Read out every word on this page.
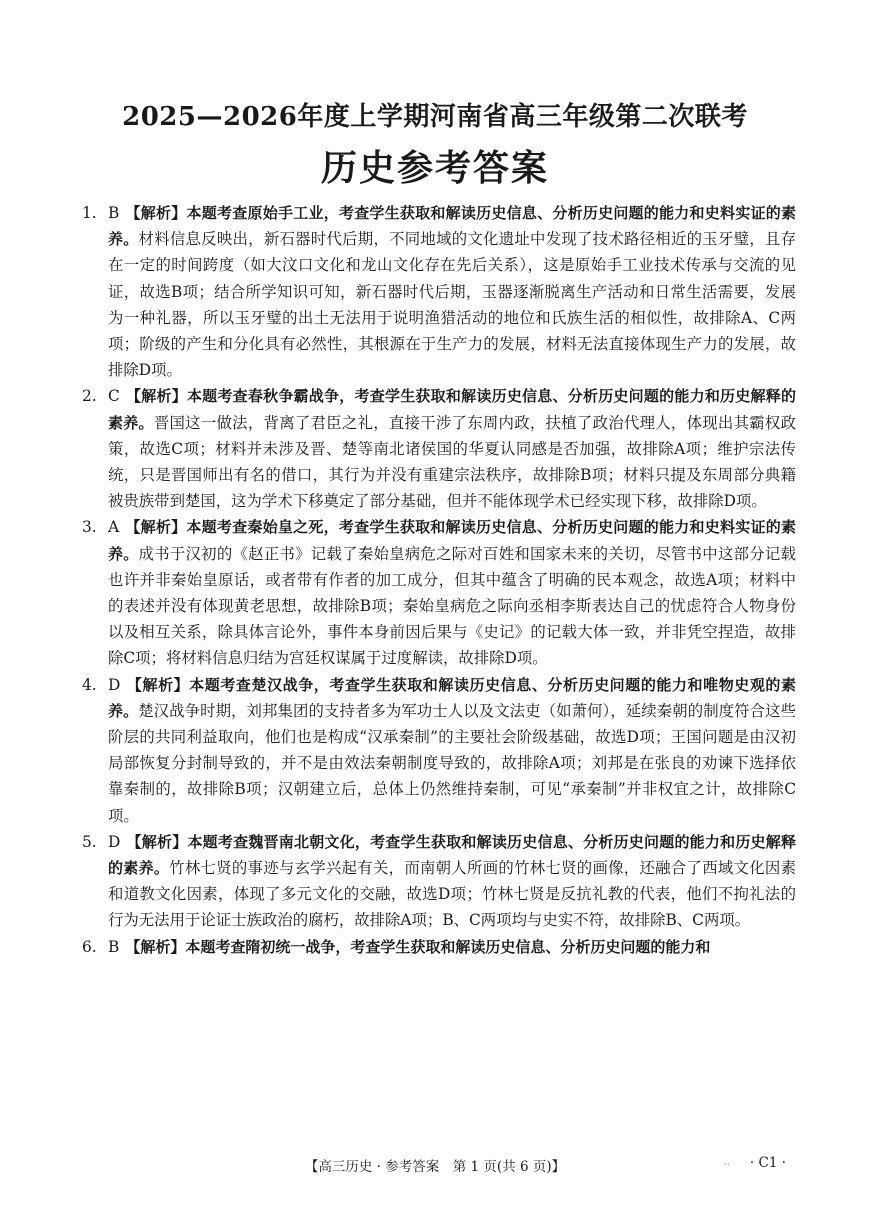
2025—2026年度上学期河南省高三年级第二次联考
历史参考答案
1. B 【解析】本题考查原始手工业，考查学生获取和解读历史信息、分析历史问题的能力和史料实证的素养。材料信息反映出，新石器时代后期，不同地域的文化遗址中发现了技术路径相近的玉牙璧，且存在一定的时间跨度（如大汶口文化和龙山文化存在先后关系），这是原始手工业技术传承与交流的见证，故选B项；结合所学知识可知，新石器时代后期，玉器逐渐脱离生产活动和日常生活需要，发展为一种礼器，所以玉牙璧的出土无法用于说明渔猎活动的地位和氏族生活的相似性，故排除A、C两项；阶级的产生和分化具有必然性，其根源在于生产力的发展，材料无法直接体现生产力的发展，故排除D项。
2. C 【解析】本题考查春秋争霸战争，考查学生获取和解读历史信息、分析历史问题的能力和历史解释的素养。晋国这一做法，背离了君臣之礼，直接干涉了东周内政，扶植了政治代理人，体现出其霸权政策，故选C项；材料并未涉及晋、楚等南北诸侯国的华夏认同感是否加强，故排除A项；维护宗法传统，只是晋国师出有名的借口，其行为并没有重建宗法秩序，故排除B项；材料只提及东周部分典籍被贵族带到楚国，这为学术下移奠定了部分基础，但并不能体现学术已经实现下移，故排除D项。
3. A 【解析】本题考查秦始皇之死，考查学生获取和解读历史信息、分析历史问题的能力和史料实证的素养。成书于汉初的《赵正书》记载了秦始皇病危之际对百姓和国家未来的关切，尽管书中这部分记载也许并非秦始皇原话，或者带有作者的加工成分，但其中蕴含了明确的民本观念，故选A项；材料中的表述并没有体现黄老思想，故排除B项；秦始皇病危之际向丞相李斯表达自己的忧虑符合人物身份以及相互关系，除具体言论外，事件本身前因后果与《史记》的记载大体一致，并非凭空捏造，故排除C项；将材料信息归结为宫廷权谋属于过度解读，故排除D项。
4. D 【解析】本题考查楚汉战争，考查学生获取和解读历史信息、分析历史问题的能力和唯物史观的素养。楚汉战争时期，刘邦集团的支持者多为军功士人以及文法吏（如萧何），延续秦朝的制度符合这些阶层的共同利益取向，他们也是构成“汉承秦制”的主要社会阶级基础，故选D项；王国问题是由汉初局部恢复分封制导致的，并不是由效法秦朝制度导致的，故排除A项；刘邦是在张良的劝谏下选择依靠秦制的，故排除B项；汉朝建立后，总体上仍然维持秦制，可见“承秦制”并非权宜之计，故排除C项。
5. D 【解析】本题考查魏晋南北朝文化，考查学生获取和解读历史信息、分析历史问题的能力和历史解释的素养。竹林七贤的事迹与玄学兴起有关，而南朝人所画的竹林七贤的画像，还融合了西域文化因素和道教文化因素，体现了多元文化的交融，故选D项；竹林七贤是反抗礼教的代表，他们不拘礼法的行为无法用于论证士族政治的腐朽，故排除A项；B、C两项均与史实不符，故排除B、C两项。
6. B 【解析】本题考查隋初统一战争，考查学生获取和解读历史信息、分析历史问题的能力和
【高三历史 · 参考答案　第 1 页(共 6 页)】	.. · C1 ·
